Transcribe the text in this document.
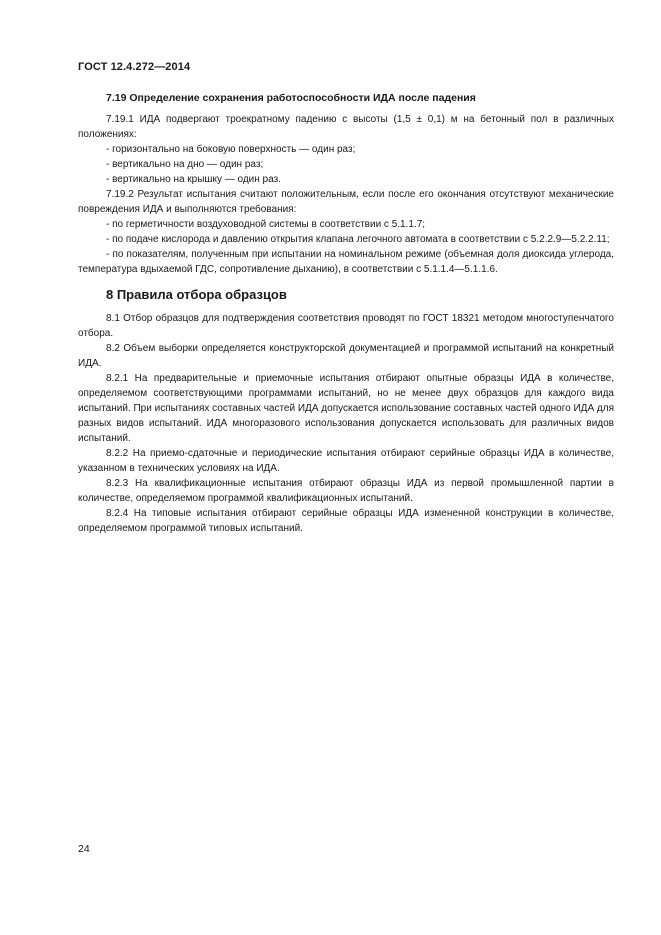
ГОСТ 12.4.272—2014
7.19 Определение сохранения работоспособности ИДА после падения

7.19.1 ИДА подвергают троекратному падению с высоты (1,5 ± 0,1) м на бетонный пол в различных положениях:

- горизонтально на боковую поверхность — один раз;

- вертикально на дно — один раз;

- вертикально на крышку — один раз.

7.19.2 Результат испытания считают положительным, если после его окончания отсутствуют механические повреждения ИДА и выполняются требования:

- по герметичности воздуховодной системы в соответствии с 5.1.1.7;

- по подаче кислорода и давлению открытия клапана легочного автомата в соответствии с 5.2.2.9—5.2.2.11;

- по показателям, полученным при испытании на номинальном режиме (объемная доля диоксида углерода, температура вдыхаемой ГДС, сопротивление дыханию), в соответствии с 5.1.1.4—5.1.1.6.

8 Правила отбора образцов

8.1 Отбор образцов для подтверждения соответствия проводят по ГОСТ 18321 методом многоступенчатого отбора.

8.2 Объем выборки определяется конструкторской документацией и программой испытаний на конкретный ИДА.

8.2.1 На предварительные и приемочные испытания отбирают опытные образцы ИДА в количестве, определяемом соответствующими программами испытаний, но не менее двух образцов для каждого вида испытаний. При испытаниях составных частей ИДА допускается использование составных частей одного ИДА для разных видов испытаний. ИДА многоразового использования допускается использовать для различных видов испытаний.

8.2.2 На приемо-сдаточные и периодические испытания отбирают серийные образцы ИДА в количестве, указанном в технических условиях на ИДА.

8.2.3 На квалификационные испытания отбирают образцы ИДА из первой промышленной партии в количестве, определяемом программой квалификационных испытаний.

8.2.4 На типовые испытания отбирают серийные образцы ИДА измененной конструкции в количестве, определяемом программой типовых испытаний.

24
